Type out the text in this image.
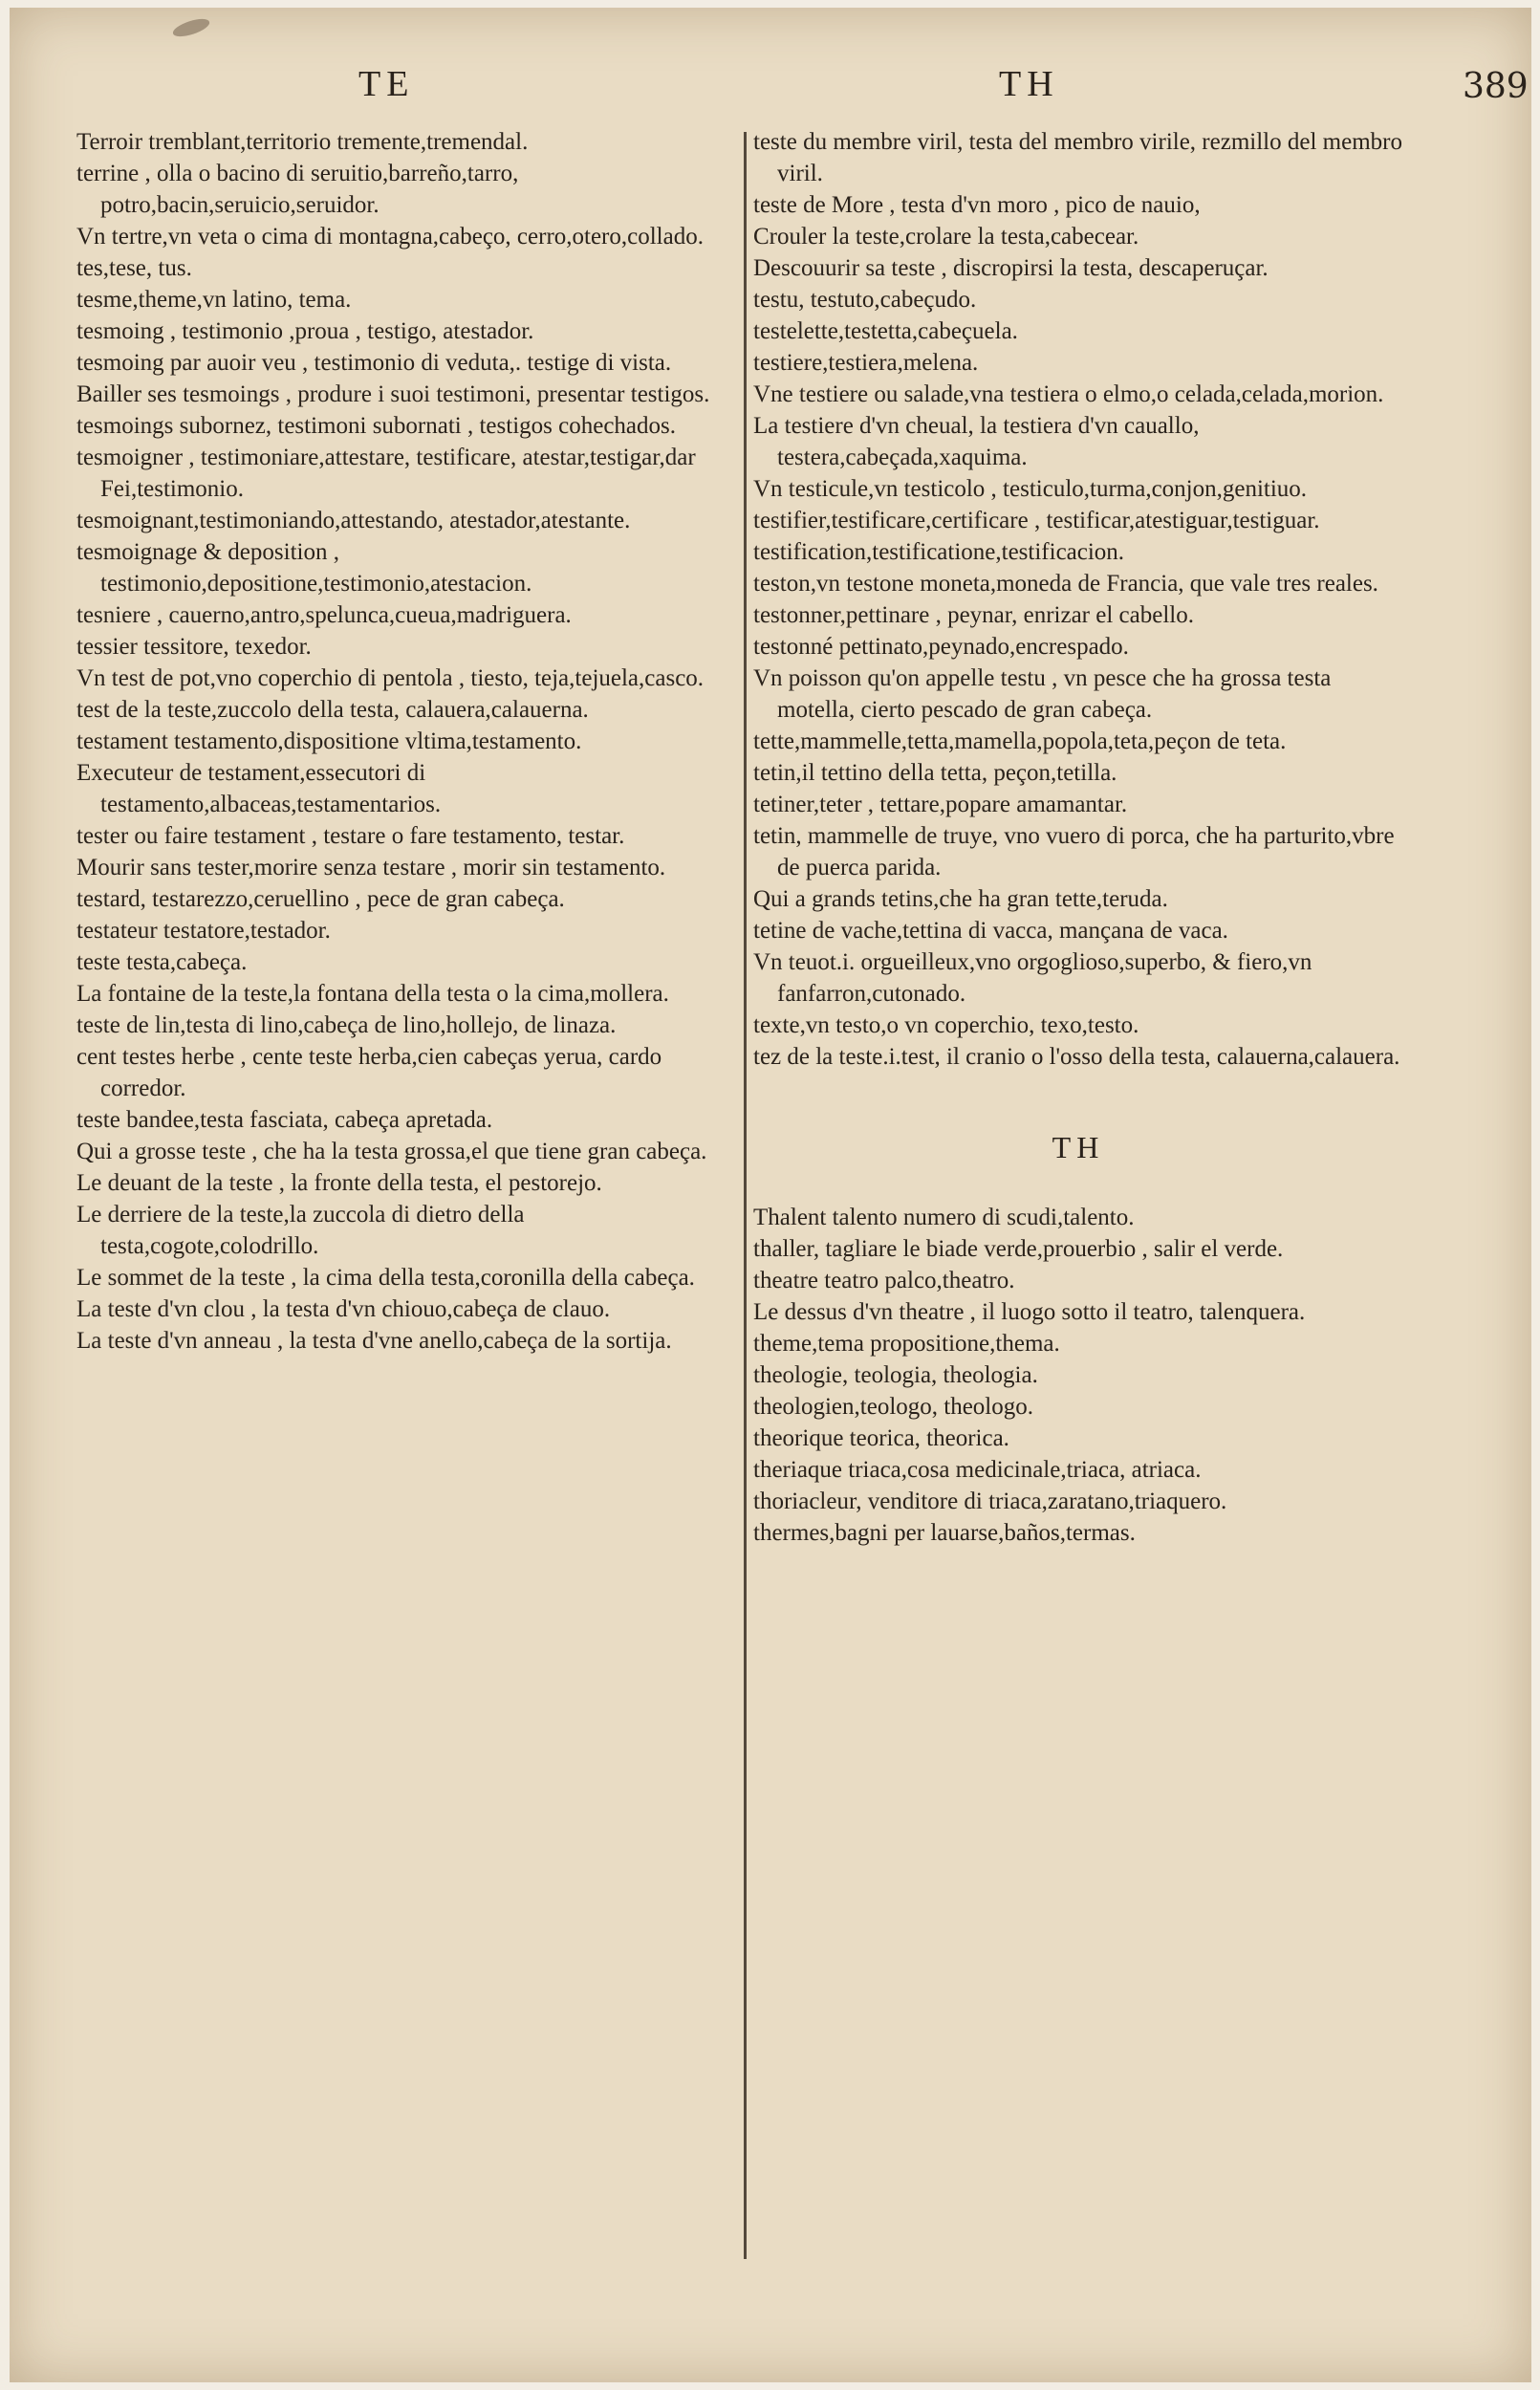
TE	TH	389
Terroir tremblant,territorio tremente,tremendal.
terrine , olla o bacino di seruitio,barreño,tarro, potro,bacin,seruicio,seruidor.
Vn tertre,vn veta o cima di montagna,cabeço, cerro,otero,collado.
tes,tese, tus.
tesme,theme,vn latino, tema.
tesmoing , testimonio ,proua , testigo, atestador.
tesmoing par auoir veu , testimonio di veduta,. testige di vista.
Bailler ses tesmoings , produre i suoi testimoni, presentar testigos.
tesmoings subornez, testimoni subornati , testigos cohechados.
tesmoigner , testimoniare,attestare, testificare, atestar,testigar,dar Fei,testimonio.
tesmoignant,testimoniando,attestando, atestador,atestante.
tesmoignage & deposition , testimonio,depositione,testimonio,atestacion.
tesniere , cauerno,antro,spelunca,cueua,madriguera.
tessier tessitore, texedor.
Vn test de pot,vno coperchio di pentola , tiesto, teja,tejuela,casco.
test de la teste,zuccolo della testa, calauera,calauerna.
testament testamento,dispositione vltima,testamento.
Executeur de testament,essecutori di testamento,albaceas,testamentarios.
tester ou faire testament , testare o fare testamento, testar.
Mourir sans tester,morire senza testare , morir sin testamento.
testard, testarezzo,ceruellino , pece de gran cabeça.
testateur testatore,testador.
teste testa,cabeça.
La fontaine de la teste,la fontana della testa o la cima,mollera.
teste de lin,testa di lino,cabeça de lino,hollejo, de linaza.
cent testes herbe , cente teste herba,cien cabeças yerua, cardo corredor.
teste bandee,testa fasciata, cabeça apretada.
Qui a grosse teste , che ha la testa grossa,el que tiene gran cabeça.
Le deuant de la teste , la fronte della testa, el pestorejo.
Le derriere de la teste,la zuccola di dietro della testa,cogote,colodrillo.
Le sommet de la teste , la cima della testa,coronilla della cabeça.
La teste d'vn clou , la testa d'vn chiouo,cabeça de clauo.
La teste d'vn anneau , la testa d'vne anello,cabeça de la sortija.
teste du membre viril, testa del membro virile, rezmillo del membro viril.
teste de More , testa d'vn moro , pico de nauio,
Crouler la teste,crolare la testa,cabecear.
Descouurir sa teste , discropirsi la testa, descaperuçar.
testu, testuto,cabeçudo.
testelette,testetta,cabeçuela.
testiere,testiera,melena.
Vne testiere ou salade,vna testiera o elmo,o celada,celada,morion.
La testiere d'vn cheual, la testiera d'vn cauallo, testera,cabeçada,xaquima.
Vn testicule,vn testicolo , testiculo,turma,conjon,genitiuo.
testifier,testificare,certificare , testificar,atestiguar,testiguar.
testification,testificatione,testificacion.
teston,vn testone moneta,moneda de Francia, que vale tres reales.
testonner,pettinare , peynar, enrizar el cabello.
testonné pettinato,peynado,encrespado.
Vn poisson qu'on appelle testu , vn pesce che ha grossa testa motella, cierto pescado de gran cabeça.
tette,mammelle,tetta,mamella,popola,teta,peçon de teta.
tetin,il tettino della tetta, peçon,tetilla.
tetiner,teter , tettare,popare amamantar.
tetin, mammelle de truye, vno vuero di porca, che ha parturito,vbre de puerca parida.
Qui a grands tetins,che ha gran tette,teruda.
tetine de vache,tettina di vacca, mançana de vaca.
Vn teuot.i. orgueilleux,vno orgoglioso,superbo, & fiero,vn fanfarron,cutonado.
texte,vn testo,o vn coperchio, texo,testo.
tez de la teste.i.test, il cranio o l'osso della testa, calauerna,calauera.
TH
Thalent talento numero di scudi,talento.
thaller, tagliare le biade verde,prouerbio , salir el verde.
theatre teatro palco,theatro.
Le dessus d'vn theatre , il luogo sotto il teatro, talenquera.
theme,tema propositione,thema.
theologie, teologia, theologia.
theologien,teologo, theologo.
theorique teorica, theorica.
theriaque triaca,cosa medicinale,triaca, atriaca.
thoriacleur, venditore di triaca,zaratano,triaquero.
thermes,bagni per lauarse,baños,termas.
